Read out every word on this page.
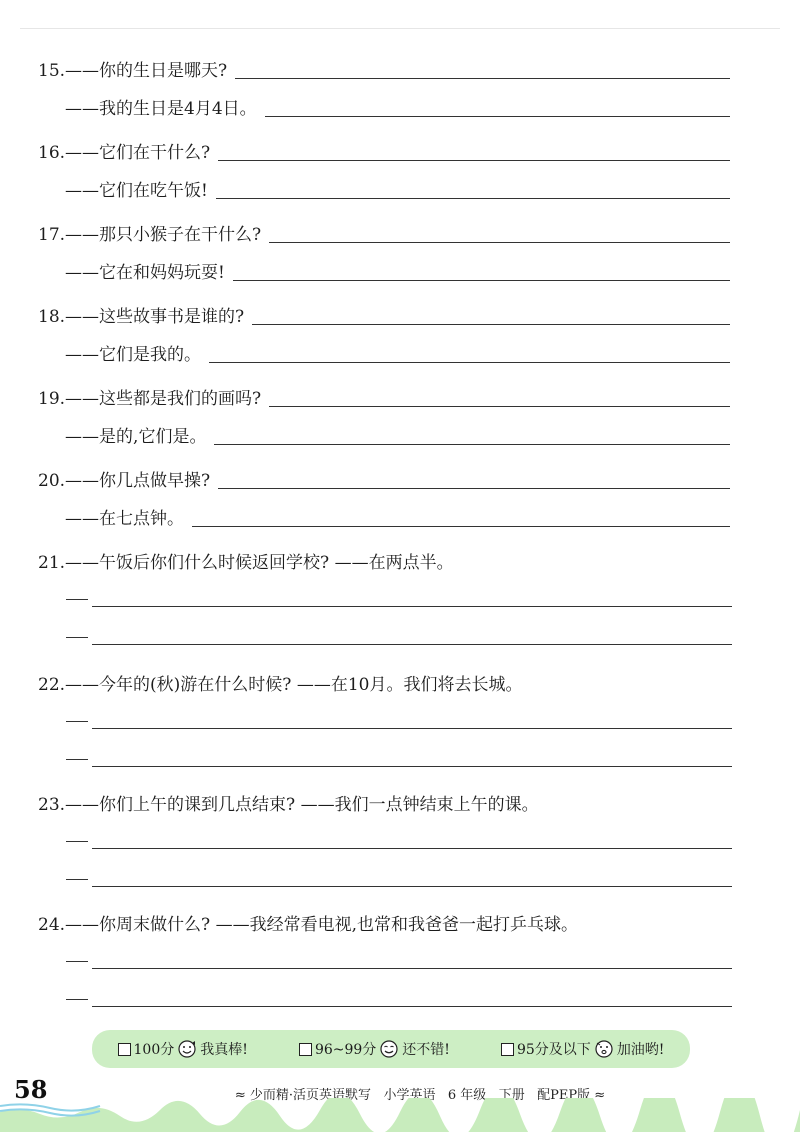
15. ——你的生日是哪天?
——我的生日是4月4日。
16. ——它们在干什么?
——它们在吃午饭!
17. ——那只小猴子在干什么?
——它在和妈妈玩耍!
18. ——这些故事书是谁的?
——它们是我的。
19. ——这些都是我们的画吗?
——是的,它们是。
20. ——你几点做早操?
——在七点钟。
21. ——午饭后你们什么时候返回学校? ——在两点半。
22. ——今年的(秋)游在什么时候? ——在10月。我们将去长城。
23. ——你们上午的课到几点结束? ——我们一点钟结束上午的课。
24. ——你周末做什么? ——我经常看电视,也常和我爸爸一起打乒乓球。
100分 我真棒!	96~99分 还不错!	95分及以下 加油哟!
58	≈ 少而精·活页英语默写 小学英语 6 年级 下册 配PEP版 ≈
